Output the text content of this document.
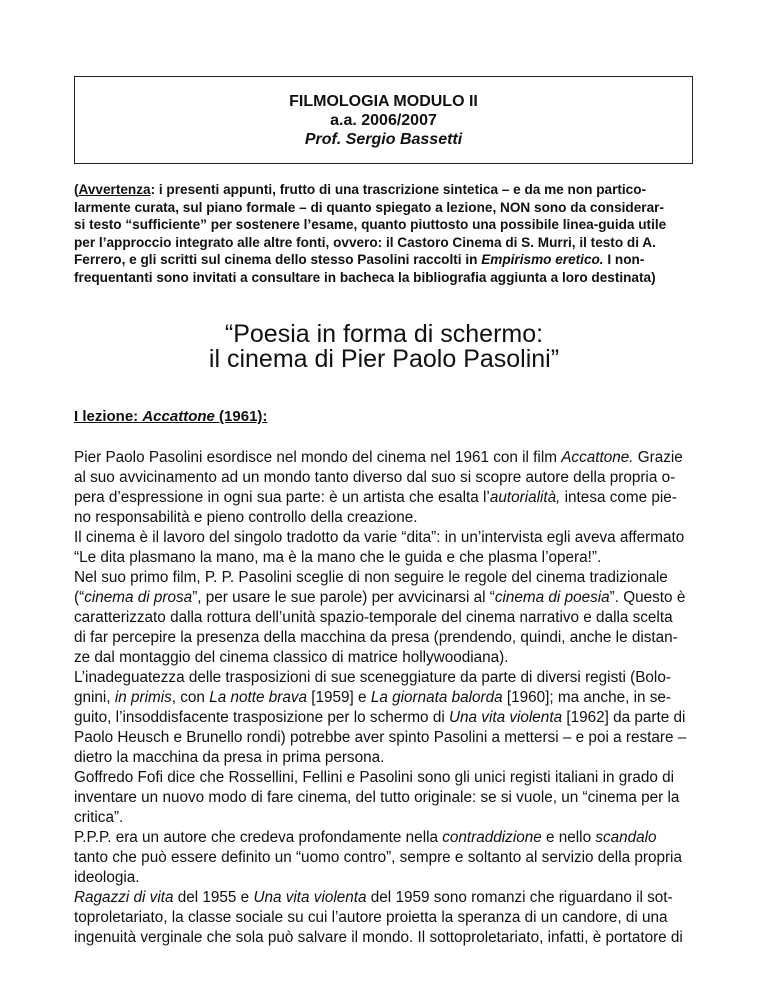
FILMOLOGIA MODULO II
a.a. 2006/2007
Prof. Sergio Bassetti
(Avvertenza: i presenti appunti, frutto di una trascrizione sintetica – e da me non partico-
larmente curata, sul piano formale – di quanto spiegato a lezione, NON sono da considerar-
si testo “sufficiente” per sostenere l’esame, quanto piuttosto una possibile linea-guida utile
per l’approccio integrato alle altre fonti, ovvero: il Castoro Cinema di S. Murri, il testo di A.
Ferrero, e gli scritti sul cinema dello stesso Pasolini raccolti in Empirismo eretico. I non-
frequentanti sono invitati a consultare in bacheca la bibliografia aggiunta a loro destinata)
“Poesia in forma di schermo:
il cinema di Pier Paolo Pasolini”
I lezione: Accattone (1961):
Pier Paolo Pasolini esordisce nel mondo del cinema nel 1961 con il film Accattone. Grazie
al suo avvicinamento ad un mondo tanto diverso dal suo si scopre autore della propria o-
pera d’espressione in ogni sua parte: è un artista che esalta l’autorialità, intesa come pie-
no responsabilità e pieno controllo della creazione.
Il cinema è il lavoro del singolo tradotto da varie “dita”: in un’intervista egli aveva affermato
“Le dita plasmano la mano, ma è la mano che le guida e che plasma l’opera!”.
Nel suo primo film, P. P. Pasolini sceglie di non seguire le regole del cinema tradizionale
(“cinema di prosa”, per usare le sue parole) per avvicinarsi al “cinema di poesia”. Questo è
caratterizzato dalla rottura dell’unità spazio-temporale del cinema narrativo e dalla scelta
di far percepire la presenza della macchina da presa (prendendo, quindi, anche le distan-
ze dal montaggio del cinema classico di matrice hollywoodiana).
L’inadeguatezza delle trasposizioni di sue sceneggiature da parte di diversi registi (Bolo-
gnini, in primis, con La notte brava [1959] e La giornata balorda [1960]; ma anche, in se-
guito, l’insoddisfacente trasposizione per lo schermo di Una vita violenta [1962] da parte di
Paolo Heusch e Brunello rondi) potrebbe aver spinto Pasolini a mettersi – e poi a restare –
dietro la macchina da presa in prima persona.
Goffredo Fofi dice che Rossellini, Fellini e Pasolini sono gli unici registi italiani in grado di
inventare un nuovo modo di fare cinema, del tutto originale: se si vuole, un “cinema per la
critica”.
P.P.P. era un autore che credeva profondamente nella contraddizione e nello scandalo
tanto che può essere definito un “uomo contro”, sempre e soltanto al servizio della propria
ideologia.
Ragazzi di vita del 1955 e Una vita violenta del 1959 sono romanzi che riguardano il sot-
toproletariato, la classe sociale su cui l’autore proietta la speranza di un candore, di una
ingenuità verginale che sola può salvare il mondo. Il sottoproletariato, infatti, è portatore di
